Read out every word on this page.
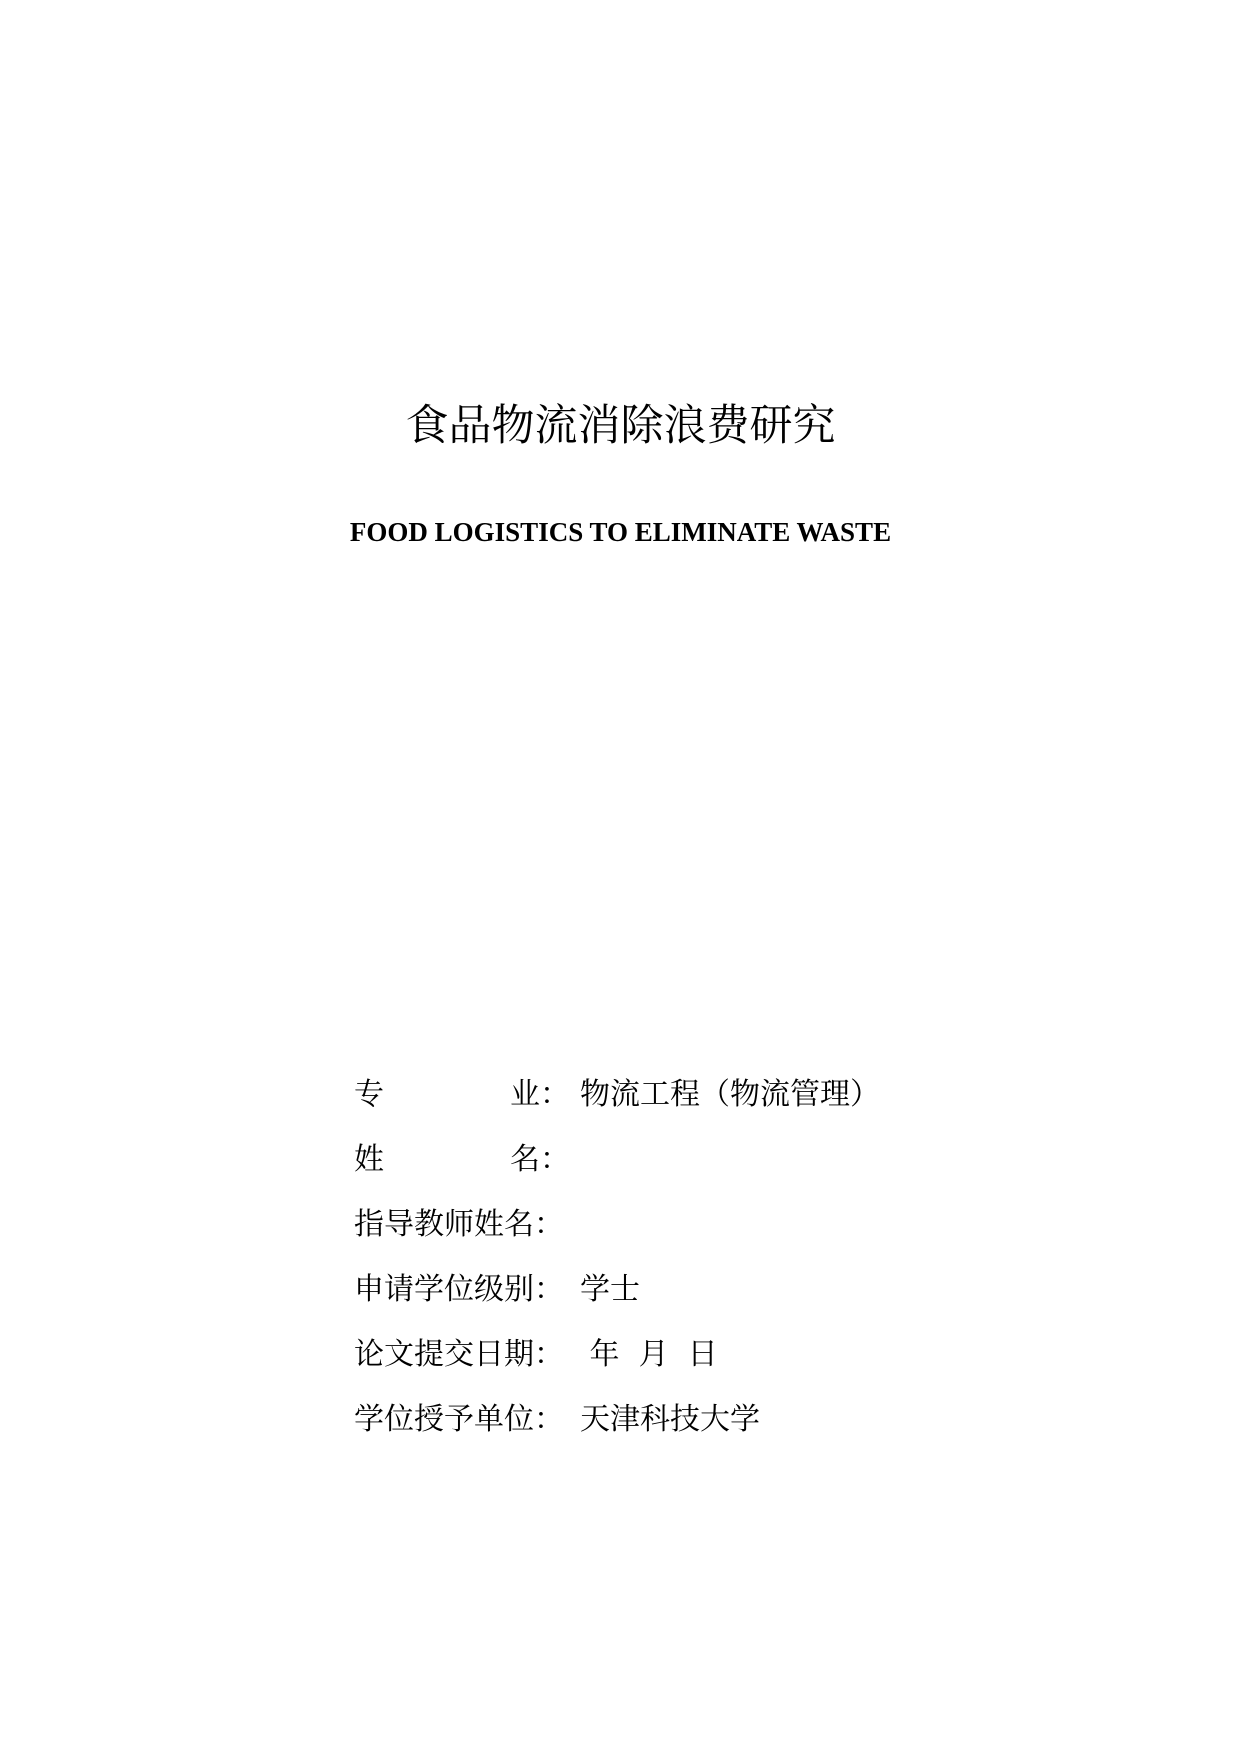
食品物流消除浪费研究
FOOD LOGISTICS TO ELIMINATE WASTE
专	业： 物流工程（物流管理）
姓	名：
指导教师姓名：
申请学位级别： 学士
论文提交日期： 年  月  日
学位授予单位： 天津科技大学
